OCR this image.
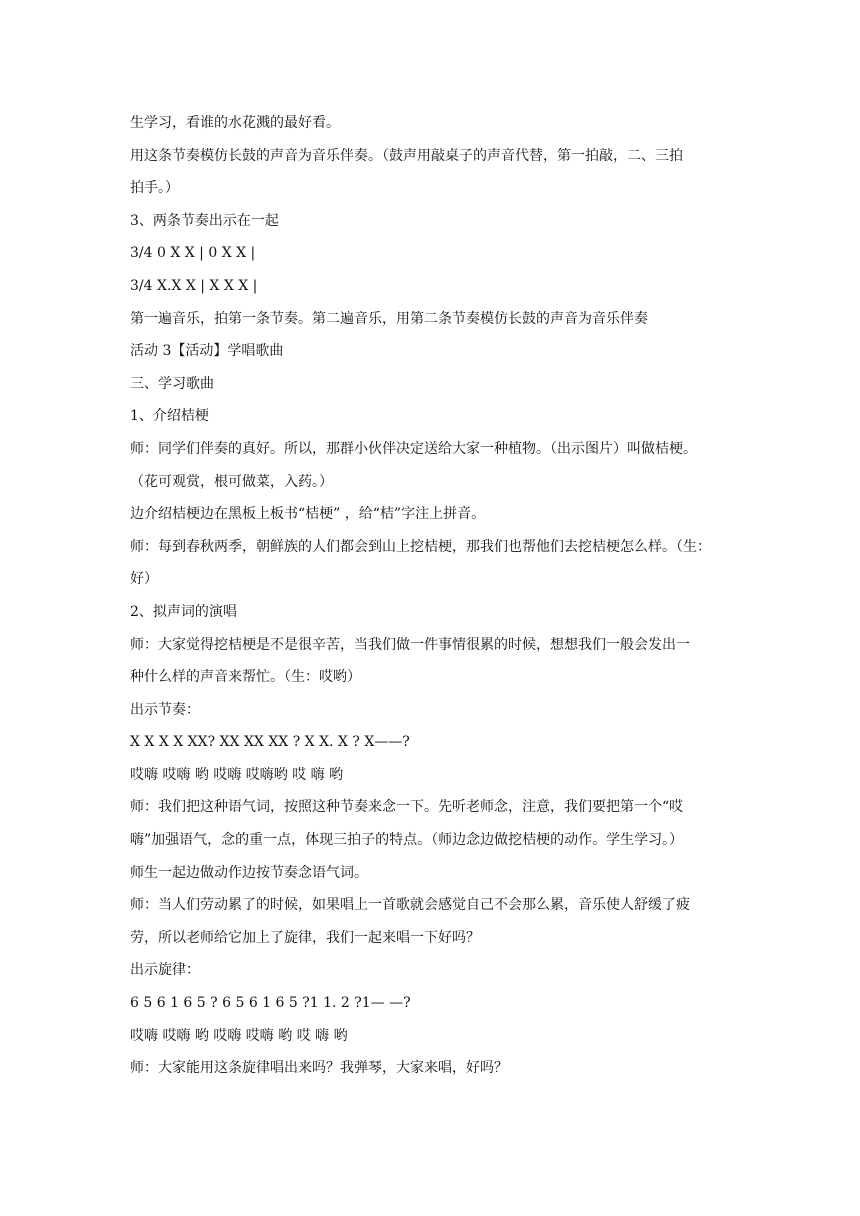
生学习，看谁的水花溅的最好看。
用这条节奏模仿长鼓的声音为音乐伴奏。（鼓声用敲桌子的声音代替，第一拍敲，二、三拍
拍手。）
3、两条节奏出示在一起
3/4 0 X X | 0 X X |
3/4 X.X X | X X X |
第一遍音乐，拍第一条节奏。第二遍音乐，用第二条节奏模仿长鼓的声音为音乐伴奏
活动 3【活动】学唱歌曲
三、学习歌曲
1、介绍桔梗
师：同学们伴奏的真好。所以，那群小伙伴决定送给大家一种植物。（出示图片）叫做桔梗。
（花可观赏，根可做菜，入药。）
边介绍桔梗边在黑板上板书“桔梗” ，给“桔”字注上拼音。
师：每到春秋两季，朝鲜族的人们都会到山上挖桔梗，那我们也帮他们去挖桔梗怎么样。（生：
好）
2、拟声词的演唱
师：大家觉得挖桔梗是不是很辛苦，当我们做一件事情很累的时候，想想我们一般会发出一
种什么样的声音来帮忙。（生：哎哟）
出示节奏：
X X X X XX? XX XX XX ? X X. X ? X——?
哎嗨 哎嗨 哟 哎嗨 哎嗨哟 哎 嗨 哟
师：我们把这种语气词，按照这种节奏来念一下。先听老师念，注意，我们要把第一个“哎
嗨”加强语气，念的重一点，体现三拍子的特点。（师边念边做挖桔梗的动作。学生学习。）
师生一起边做动作边按节奏念语气词。
师：当人们劳动累了的时候，如果唱上一首歌就会感觉自己不会那么累，音乐使人舒缓了疲
劳，所以老师给它加上了旋律，我们一起来唱一下好吗？
出示旋律：
6 5 6 1 6 5 ? 6 5 6 1 6 5 ?1 1. 2 ?1— —?
哎嗨 哎嗨 哟 哎嗨 哎嗨 哟 哎 嗨 哟
师：大家能用这条旋律唱出来吗？我弹琴，大家来唱，好吗？
